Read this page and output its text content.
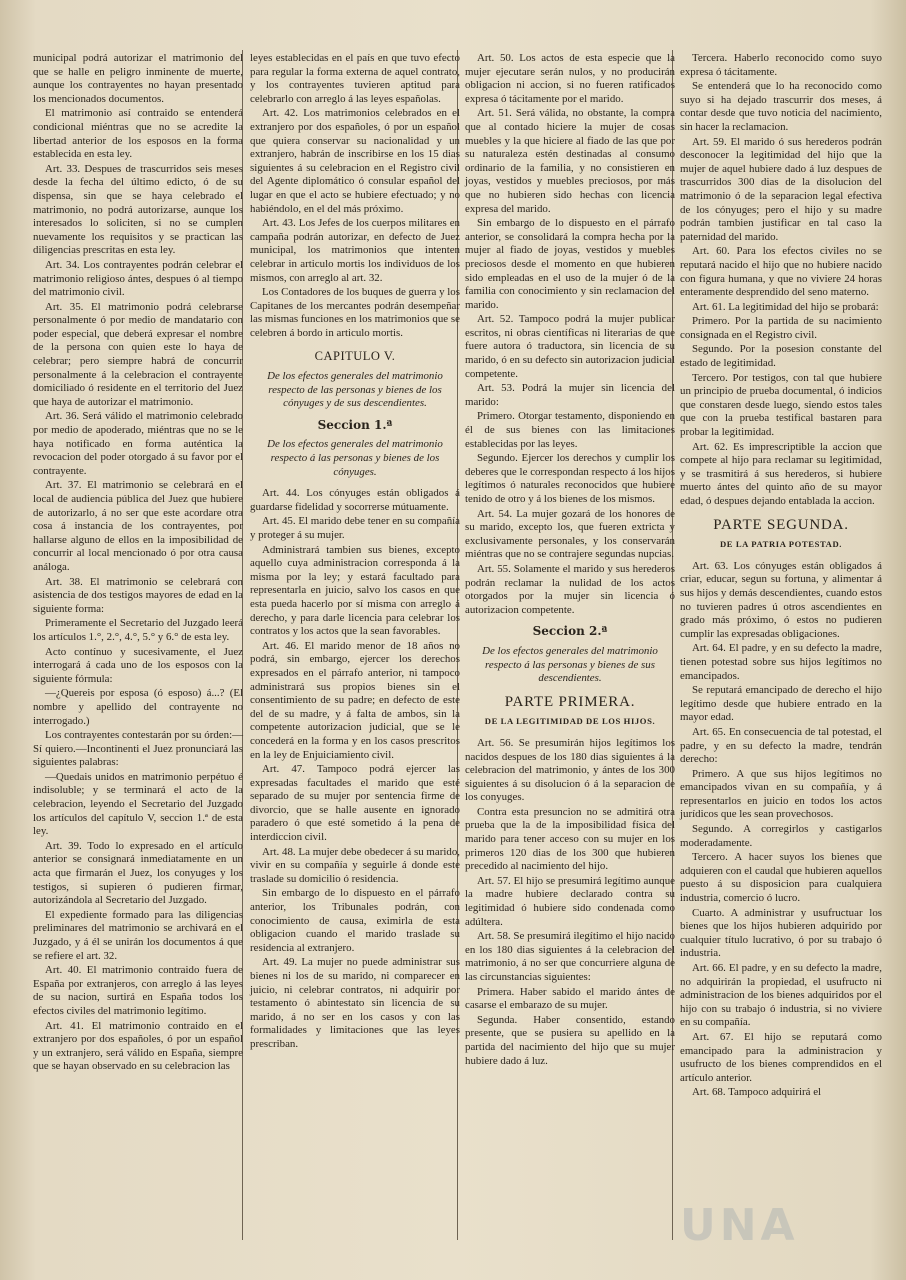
municipal podrá autorizar el matrimonio del que se halle en peligro inminente de muerte, aunque los contrayentes no hayan presentado los mencionados documentos.

El matrimonio así contraido se entenderá condicional miéntras que no se acredite la libertad anterior de los esposos en la forma establecida en esta ley.

Art. 33. Despues de trascurridos seis meses desde la fecha del último edicto, ó de su dispensa, sin que se haya celebrado el matrimonio, no podrá autorizarse, aunque los interesados lo soliciten, si no se cumplen nuevamente los requisitos y se practican las diligencias prescritas en esta ley.

Art. 34. Los contrayentes podrán celebrar el matrimonio religioso ántes, despues ó al tiempo del matrimonio civil.

Art. 35. El matrimonio podrá celebrarse personalmente ó por medio de mandatario con poder especial, que deberá expresar el nombre de la persona con quien este lo haya de celebrar; pero siempre habrá de concurrir personalmente á la celebracion el contrayente domiciliado ó residente en el territorio del Juez que haya de autorizar el matrimonio.

Art. 36. Será válido el matrimonio celebrado por medio de apoderado, miéntras que no se le haya notificado en forma auténtica la revocacion del poder otorgado á su favor por el contrayente.

Art. 37. El matrimonio se celebrará en el local de audiencia pública del Juez que hubiere de autorizarlo, á no ser que este acordare otra cosa á instancia de los contrayentes, por hallarse alguno de ellos en la imposibilidad de concurrir al local mencionado ó por otra causa análoga.

Art. 38. El matrimonio se celebrará con asistencia de dos testigos mayores de edad en la siguiente forma:

Primeramente el Secretario del Juzgado leerá los artículos 1.°, 2.°, 4.°, 5.° y 6.° de esta ley.

Acto contínuo y sucesivamente, el Juez interrogará á cada uno de los esposos con la siguiente fórmula:

—¿Quereis por esposa (ó esposo) á...? (El nombre y apellido del contrayente no interrogado.)

Los contrayentes contestarán por su órden:—Sí quiero.—Incontinenti el Juez pronunciará las siguientes palabras:

—Quedais unidos en matrimonio perpétuo é indisoluble; y se terminará el acto de la celebracion, leyendo el Secretario del Juzgado los artículos del capítulo V, seccion 1.ª de esta ley.

Art. 39. Todo lo expresado en el artículo anterior se consignará inmediatamente en un acta que firmarán el Juez, los conyuges y los testigos, si supieren ó pudieren firmar, autorizándola al Secretario del Juzgado.

El expediente formado para las diligencias preliminares del matrimonio se archivará en el Juzgado, y á él se unirán los documentos á que se refiere el art. 32.

Art. 40. El matrimonio contraido fuera de España por extranjeros, con arreglo á las leyes de su nacion, surtirá en España todos los efectos civiles del matrimonio legítimo.

Art. 41. El matrimonio contraido en el extranjero por dos españoles, ó por un español y un extranjero, será válido en España, siempre que se hayan observado en su celebracion las

leyes establecidas en el país en que tuvo efecto para regular la forma externa de aquel contrato, y los contrayentes tuvieren aptitud para celebrarlo con arreglo á las leyes españolas.

Art. 42. Los matrimonios celebrados en el extranjero por dos españoles, ó por un español que quiera conservar su nacionalidad y un extranjero, habrán de inscribirse en los 15 dias siguientes á su celebracion en el Registro civil del Agente diplomático ó consular español del lugar en que el acto se hubiere efectuado; y no habiéndolo, en el del más próximo.

Art. 43. Los Jefes de los cuerpos militares en campaña podrán autorizar, en defecto de Juez municipal, los matrimonios que intenten celebrar in articulo mortis los individuos de los mismos, con arreglo al art. 32.

Los Contadores de los buques de guerra y los Capitanes de los mercantes podrán desempeñar las mismas funciones en los matrimonios que se celebren á bordo in articulo mortis.

CAPITULO V.

De los efectos generales del matrimonio respecto de las personas y bienes de los cónyuges y de sus descendientes.

Seccion 1.ª

De los efectos generales del matrimonio respecto á las personas y bienes de los cónyuges.

Art. 44. Los cónyuges están obligados á guardarse fidelidad y socorrerse mútuamente.

Art. 45. El marido debe tener en su compañía y proteger á su mujer.

Administrará tambien sus bienes, excepto aquello cuya administracion corresponda á la misma por la ley; y estará facultado para representarla en juicio, salvo los casos en que esta pueda hacerlo por sí misma con arreglo á derecho, y para darle licencia para celebrar los contratos y los actos que la sean favorables.

Art. 46. El marido menor de 18 años no podrá, sin embargo, ejercer los derechos expresados en el párrafo anterior, ni tampoco administrará sus propios bienes sin el consentimiento de su padre; en defecto de este del de su madre, y á falta de ambos, sin la competente autorizacion judicial, que se le concederá en la forma y en los casos prescritos en la ley de Enjuiciamiento civil.

Art. 47. Tampoco podrá ejercer las expresadas facultades el marido que esté separado de su mujer por sentencia firme de divorcio, que se halle ausente en ignorado paradero ó que esté sometido á la pena de interdiccion civil.

Art. 48. La mujer debe obedecer á su marido, vivir en su compañía y seguirle á donde este traslade su domicilio ó residencia.

Sin embargo de lo dispuesto en el párrafo anterior, los Tribunales podrán, con conocimiento de causa, eximirla de esta obligacion cuando el marido traslade su residencia al extranjero.

Art. 49. La mujer no puede administrar sus bienes ni los de su marido, ni comparecer en juicio, ni celebrar contratos, ni adquirir por testamento ó abintestato sin licencia de su marido, á no ser en los casos y con las formalidades y limitaciones que las leyes prescriban.

Art. 50. Los actos de esta especie que la mujer ejecutare serán nulos, y no producirán obligacion ni accion, si no fueren ratificados expresa ó tácitamente por el marido.

Art. 51. Será válida, no obstante, la compra que al contado hiciere la mujer de cosas muebles y la que hiciere al fiado de las que por su naturaleza estén destinadas al consumo ordinario de la familia, y no consistieren en joyas, vestidos y muebles preciosos, por más que no hubieren sido hechas con licencia expresa del marido.

Sin embargo de lo dispuesto en el párrafo anterior, se consolidará la compra hecha por la mujer al fiado de joyas, vestidos y muebles preciosos desde el momento en que hubieren sido empleadas en el uso de la mujer ó de la familia con conocimiento y sin reclamacion del marido.

Art. 52. Tampoco podrá la mujer publicar escritos, ni obras científicas ni literarias de que fuere autora ó traductora, sin licencia de su marido, ó en su defecto sin autorizacion judicial competente.

Art. 53. Podrá la mujer sin licencia del marido:

Primero. Otorgar testamento, disponiendo en él de sus bienes con las limitaciones establecidas por las leyes.

Segundo. Ejercer los derechos y cumplir los deberes que le correspondan respecto á los hijos legítimos ó naturales reconocidos que hubiere tenido de otro y á los bienes de los mismos.

Art. 54. La mujer gozará de los honores de su marido, excepto los, que fueren extricta y exclusivamente personales, y los conservarán miéntras que no se contrajere segundas nupcias.

Art. 55. Solamente el marido y sus herederos podrán reclamar la nulidad de los actos otorgados por la mujer sin licencia ó autorizacion competente.

Seccion 2.ª

De los efectos generales del matrimonio respecto á las personas y bienes de sus descendientes.

PARTE PRIMERA.

DE LA LEGITIMIDAD DE LOS HIJOS.

Art. 56. Se presumirán hijos legítimos los nacidos despues de los 180 dias siguientes á la celebracion del matrimonio, y ántes de los 300 siguientes á su disolucion ó á la separacion de los conyuges.

Contra esta presuncion no se admitirá otra prueba que la de la imposibilidad física del marido para tener acceso con su mujer en los primeros 120 dias de los 300 que hubieren precedido al nacimiento del hijo.

Art. 57. El hijo se presumirá legítimo aunque la madre hubiere declarado contra su legitimidad ó hubiere sido condenada como adúltera.

Art. 58. Se presumirá ilegítimo el hijo nacido en los 180 dias siguientes á la celebracion del matrimonio, á no ser que concurriere alguna de las circunstancias siguientes:

Primera. Haber sabido el marido ántes de casarse el embarazo de su mujer.

Segunda. Haber consentido, estando presente, que se pusiera su apellido en la partida del nacimiento del hijo que su mujer hubiere dado á luz.

Tercera. Haberlo reconocido como suyo expresa ó tácitamente.

Se entenderá que lo ha reconocido como suyo si ha dejado trascurrir dos meses, á contar desde que tuvo noticia del nacimiento, sin hacer la reclamacion.

Art. 59. El marido ó sus herederos podrán desconocer la legitimidad del hijo que la mujer de aquel hubiere dado á luz despues de trascurridos 300 dias de la disolucion del matrimonio ó de la separacion legal efectiva de los cónyuges; pero el hijo y su madre podrán tambien justificar en tal caso la paternidad del marido.

Art. 60. Para los efectos civiles no se reputará nacido el hijo que no hubiere nacido con figura humana, y que no viviere 24 horas enteramente desprendido del seno materno.

Art. 61. La legitimidad del hijo se probará:

Primero. Por la partida de su nacimiento consignada en el Registro civil.

Segundo. Por la posesion constante del estado de legitimidad.

Tercero. Por testigos, con tal que hubiere un principio de prueba documental, ó indicios que constaren desde luego, siendo estos tales que con la prueba testifical bastaren para probar la legitimidad.

Art. 62. Es imprescriptible la accion que compete al hijo para reclamar su legitimidad, y se trasmitirá á sus herederos, si hubiere muerto ántes del quinto año de su mayor edad, ó despues dejando entablada la accion.

PARTE SEGUNDA.

DE LA PATRIA POTESTAD.

Art. 63. Los cónyuges están obligados á criar, educar, segun su fortuna, y alimentar á sus hijos y demás descendientes, cuando estos no tuvieren padres ú otros ascendientes en grado más próximo, ó estos no pudieren cumplir las expresadas obligaciones.

Art. 64. El padre, y en su defecto la madre, tienen potestad sobre sus hijos legítimos no emancipados.

Se reputará emancipado de derecho el hijo legítimo desde que hubiere entrado en la mayor edad.

Art. 65. En consecuencia de tal potestad, el padre, y en su defecto la madre, tendrán derecho:

Primero. A que sus hijos legítimos no emancipados vivan en su compañía, y á representarlos en juicio en todos los actos jurídicos que les sean provechosos.

Segundo. A corregirlos y castigarlos moderadamente.

Tercero. A hacer suyos los bienes que adquieren con el caudal que hubieren aquellos puesto á su disposicion para cualquiera industria, comercio ó lucro.

Cuarto. A administrar y usufructuar los bienes que los hijos hubieren adquirido por cualquier título lucrativo, ó por su trabajo ó industria.

Art. 66. El padre, y en su defecto la madre, no adquirirán la propiedad, el usufructo ni administracion de los bienes adquiridos por el hijo con su trabajo ó industria, si no viviere en su compañía.

Art. 67. El hijo se reputará como emancipado para la administracion y usufructo de los bienes comprendidos en el artículo anterior.

Art. 68. Tampoco adquirirá el

UNA
